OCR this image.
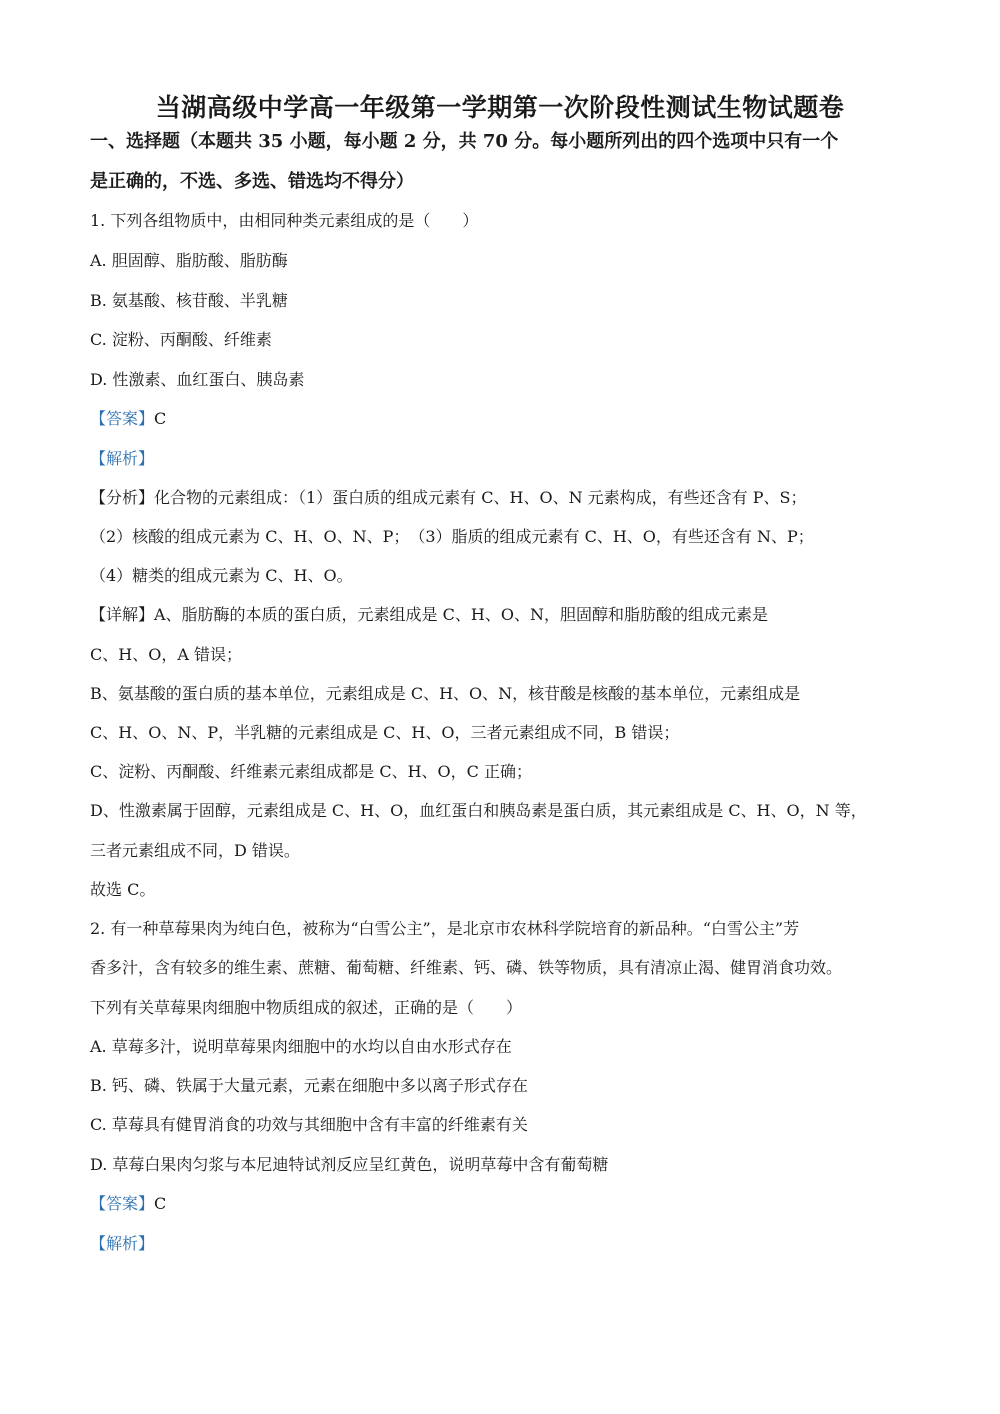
当湖高级中学高一年级第一学期第一次阶段性测试生物试题卷
一、选择题（本题共 35 小题，每小题 2 分，共 70 分。每小题所列出的四个选项中只有一个
是正确的，不选、多选、错选均不得分）
1. 下列各组物质中，由相同种类元素组成的是（　　）
A. 胆固醇、脂肪酸、脂肪酶
B. 氨基酸、核苷酸、半乳糖
C. 淀粉、丙酮酸、纤维素
D. 性激素、血红蛋白、胰岛素
【答案】C
【解析】
【分析】化合物的元素组成：（1）蛋白质的组成元素有 C、H、O、N 元素构成，有些还含有 P、S；
（2）核酸的组成元素为 C、H、O、N、P；　（3）脂质的组成元素有 C、H、O，有些还含有 N、P；
（4）糖类的组成元素为 C、H、O。
【详解】A、脂肪酶的本质的蛋白质，元素组成是 C、H、O、N，胆固醇和脂肪酸的组成元素是
C、H、O，A 错误；
B、氨基酸的蛋白质的基本单位，元素组成是 C、H、O、N，核苷酸是核酸的基本单位，元素组成是
C、H、O、N、P，半乳糖的元素组成是 C、H、O，三者元素组成不同，B 错误；
C、淀粉、丙酮酸、纤维素元素组成都是 C、H、O，C 正确；
D、性激素属于固醇，元素组成是 C、H、O，血红蛋白和胰岛素是蛋白质，其元素组成是 C、H、O，N 等，
三者元素组成不同，D 错误。
故选 C。
2. 有一种草莓果肉为纯白色，被称为“白雪公主”，是北京市农林科学院培育的新品种。“白雪公主”芳
香多汁，含有较多的维生素、蔗糖、葡萄糖、纤维素、钙、磷、铁等物质，具有清凉止渴、健胃消食功效。
下列有关草莓果肉细胞中物质组成的叙述，正确的是（　　）
A. 草莓多汁，说明草莓果肉细胞中的水均以自由水形式存在
B. 钙、磷、铁属于大量元素，元素在细胞中多以离子形式存在
C. 草莓具有健胃消食的功效与其细胞中含有丰富的纤维素有关
D. 草莓白果肉匀浆与本尼迪特试剂反应呈红黄色，说明草莓中含有葡萄糖
【答案】C
【解析】
